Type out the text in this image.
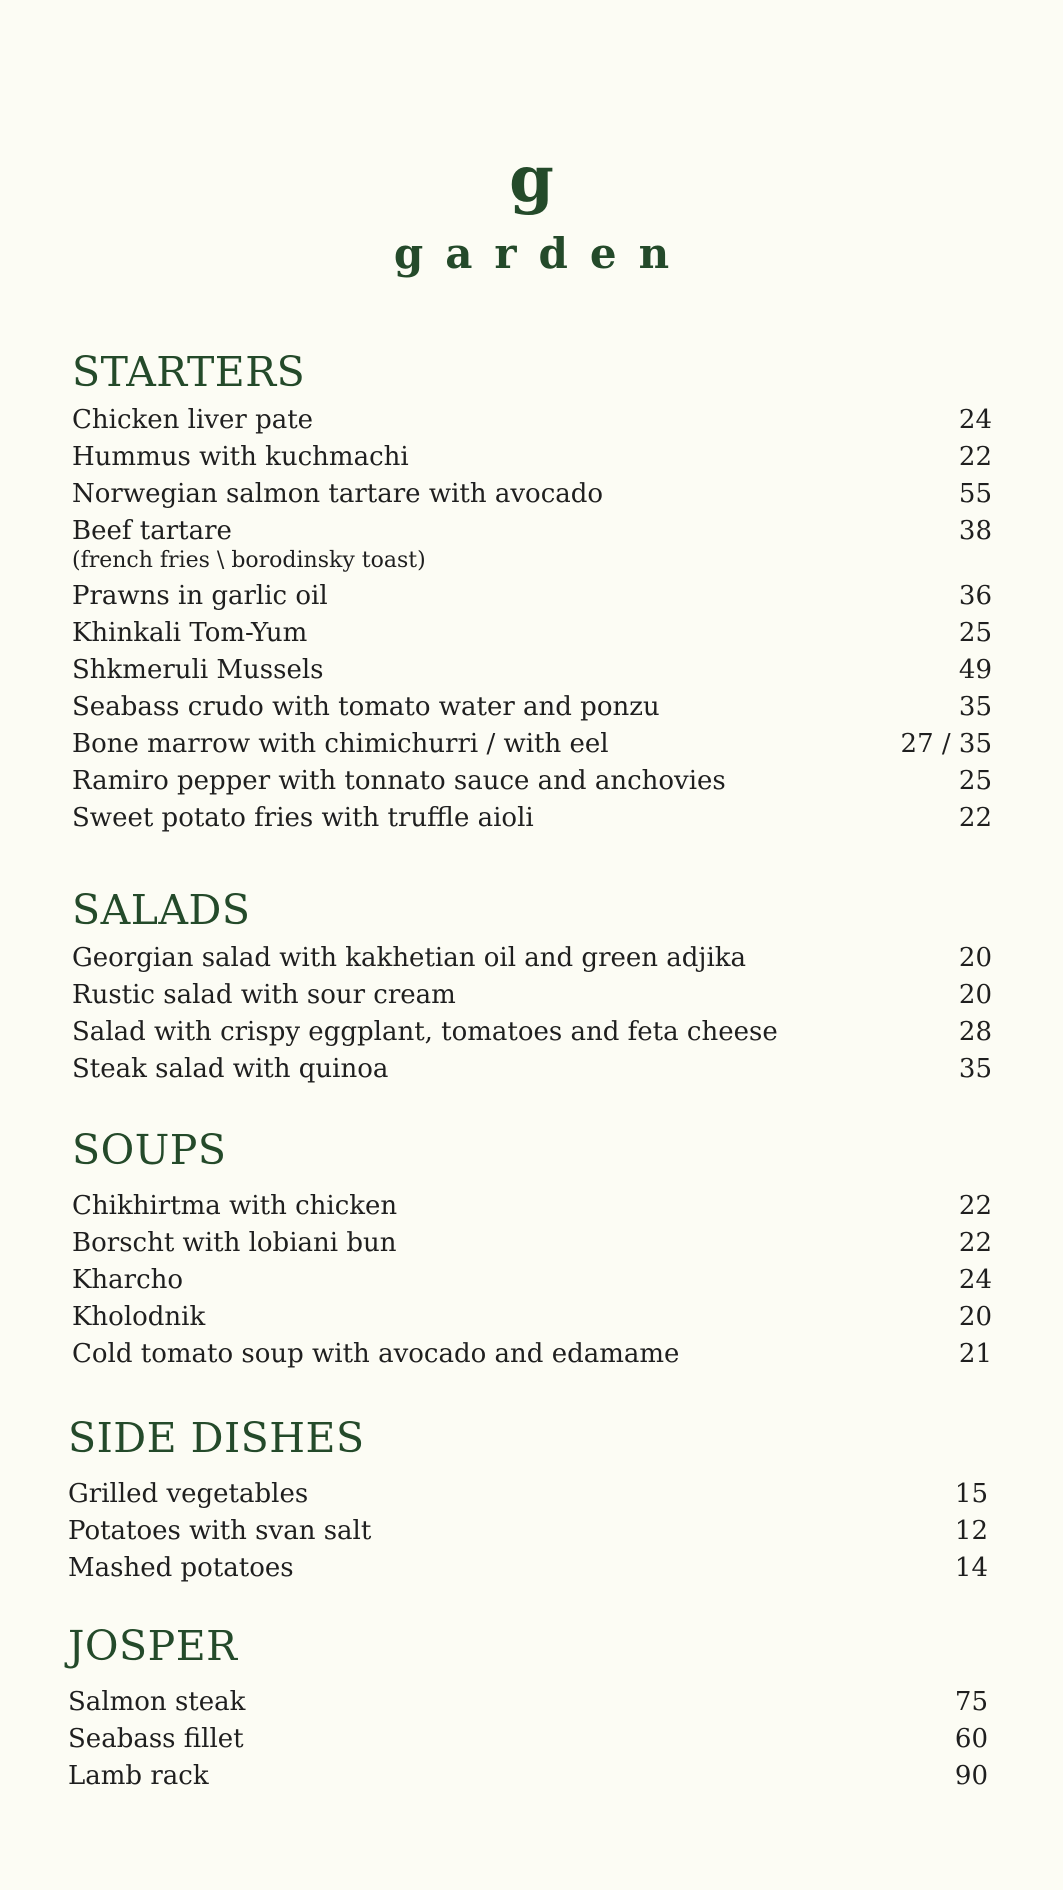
g
garden
STARTERS
Chicken liver pate	24
Hummus with kuchmachi	22
Norwegian salmon tartare with avocado	55
Beef tartare	38
(french fries \ borodinsky toast)
Prawns in garlic oil	36
Khinkali Tom-Yum	25
Shkmeruli Mussels	49
Seabass crudo with tomato water and ponzu	35
Bone marrow with chimichurri / with eel	27 / 35
Ramiro pepper with tonnato sauce and anchovies	25
Sweet potato fries with truffle aioli	22
SALADS
Georgian salad with kakhetian oil and green adjika	20
Rustic salad with sour cream	20
Salad with crispy eggplant, tomatoes and feta cheese	28
Steak salad with quinoa	35
SOUPS
Chikhirtma with chicken	22
Borscht with lobiani bun	22
Kharcho	24
Kholodnik	20
Cold tomato soup with avocado and edamame	21
SIDE DISHES
Grilled vegetables	15
Potatoes with svan salt	12
Mashed potatoes	14
JOSPER
Salmon steak	75
Seabass fillet	60
Lamb rack	90
